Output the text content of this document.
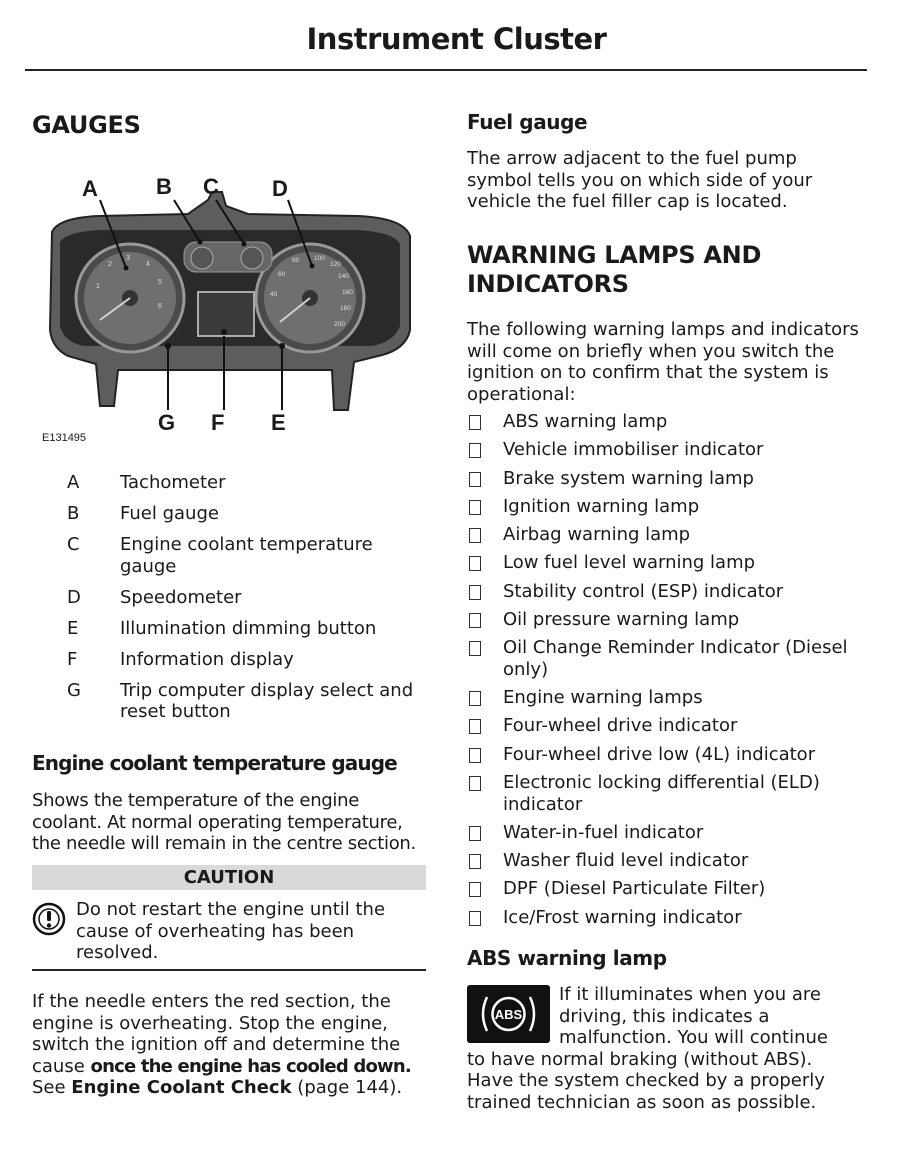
Instrument Cluster
GAUGES
1
2
3
4
5
6
40
60
80 100
120
140
160
180
200
A	B C D
G F E
E131495
A	Tachometer
B	Fuel gauge
C	Engine coolant temperature gauge
D	Speedometer
E	Illumination dimming button
F	Information display
G	Trip computer display select and reset button
Engine coolant temperature gauge

Shows the temperature of the engine coolant. At normal operating temperature, the needle will remain in the centre section.

CAUTION
Do not restart the engine until the cause of overheating has been resolved.

If the needle enters the red section, the engine is overheating. Stop the engine, switch the ignition off and determine the cause once the engine has cooled down.
See Engine Coolant Check (page 144).

Fuel gauge

The arrow adjacent to the fuel pump symbol tells you on which side of your vehicle the fuel filler cap is located.

WARNING LAMPS AND INDICATORS

The following warning lamps and indicators will come on briefly when you switch the ignition on to confirm that the system is operational:

ABS warning lamp
Vehicle immobiliser indicator
Brake system warning lamp
Ignition warning lamp
Airbag warning lamp
Low fuel level warning lamp
Stability control (ESP) indicator
Oil pressure warning lamp
Oil Change Reminder Indicator (Diesel only)
Engine warning lamps
Four-wheel drive indicator
Four-wheel drive low (4L) indicator
Electronic locking differential (ELD) indicator
Water-in-fuel indicator
Washer fluid level indicator
DPF (Diesel Particulate Filter)
Ice/Frost warning indicator
ABS warning lamp
ABS
If it illuminates when you are
driving, this indicates a
malfunction. You will continue
to have normal braking (without ABS).
Have the system checked by a properly
trained technician as soon as possible.
